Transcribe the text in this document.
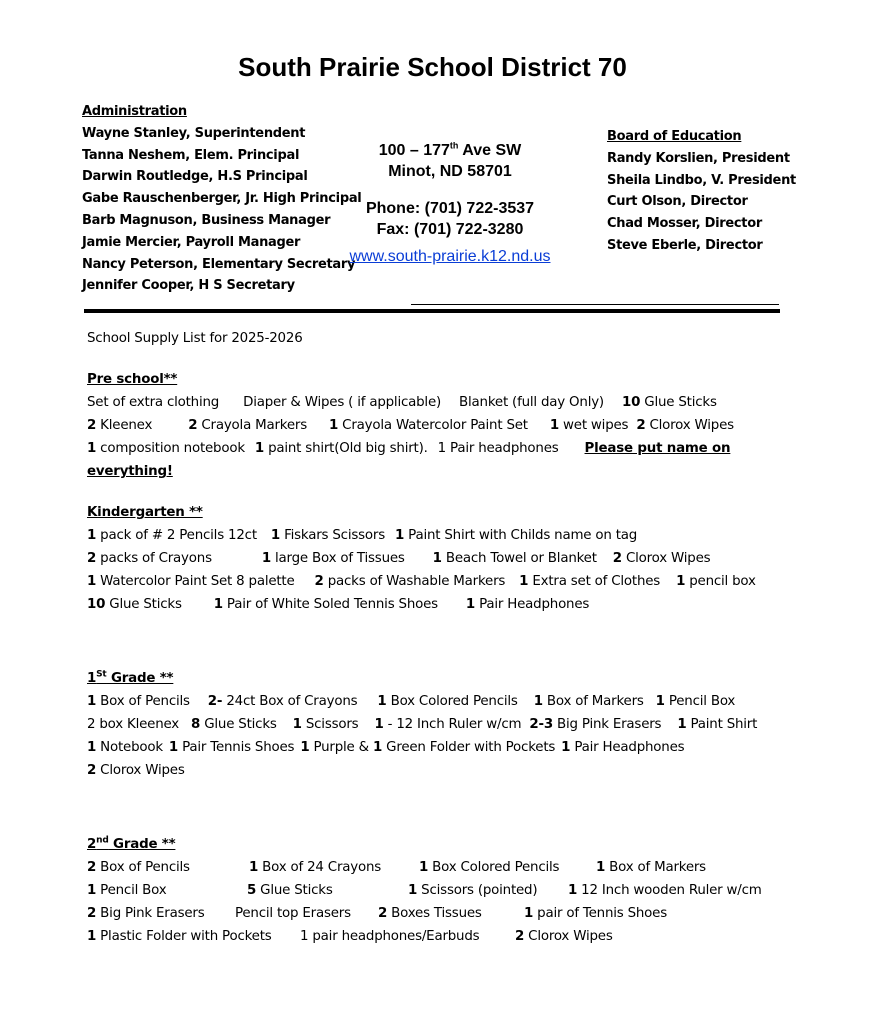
South Prairie School District 70
Administration
Wayne Stanley, Superintendent
Tanna Neshem, Elem. Principal
Darwin Routledge, H.S Principal
Gabe Rauschenberger, Jr. High Principal
Barb Magnuson, Business Manager
Jamie Mercier, Payroll Manager
Nancy Peterson, Elementary Secretary
Jennifer Cooper, H S Secretary
100 – 177th Ave SW
Minot, ND 58701
Phone: (701) 722-3537
Fax: (701) 722-3280
www.south-prairie.k12.nd.us
Board of Education
Randy Korslien, President
Sheila Lindbo, V. President
Curt Olson, Director
Chad Mosser, Director
Steve Eberle, Director
School Supply List for 2025-2026
Pre school**
Set of extra clothing Diaper & Wipes ( if applicable) Blanket (full day Only) 10 Glue Sticks
2 Kleenex	2 Crayola Markers 1 Crayola Watercolor Paint Set 1 wet wipes 2 Clorox Wipes
1 composition notebook 1 paint shirt(Old big shirt). 1 Pair headphones Please put name on
everything!
Kindergarten **
1 pack of # 2 Pencils 12ct 1 Fiskars Scissors 1 Paint Shirt with Childs name on tag
2 packs of Crayons	1 large Box of Tissues 1 Beach Towel or Blanket 2 Clorox Wipes
1 Watercolor Paint Set 8 palette 2 packs of Washable Markers 1 Extra set of Clothes 1 pencil box
10 Glue Sticks 1 Pair of White Soled Tennis Shoes 1 Pair Headphones
1St Grade **
1 Box of Pencils 2- 24ct Box of Crayons 1 Box Colored Pencils 1 Box of Markers 1 Pencil Box
2 box Kleenex 8 Glue Sticks 1 Scissors 1 - 12 Inch Ruler w/cm 2-3 Big Pink Erasers 1 Paint Shirt
1 Notebook 1 Pair Tennis Shoes 1 Purple & 1 Green Folder with Pockets 1 Pair Headphones
2 Clorox Wipes
2nd Grade **
2 Box of Pencils	1 Box of 24 Crayons	1 Box Colored Pencils	1 Box of Markers
1 Pencil Box	5 Glue Sticks	1 Scissors (pointed) 1 12 Inch wooden Ruler w/cm
2 Big Pink Erasers Pencil top Erasers 2 Boxes Tissues	1 pair of Tennis Shoes
1 Plastic Folder with Pockets 1 pair headphones/Earbuds	2 Clorox Wipes
